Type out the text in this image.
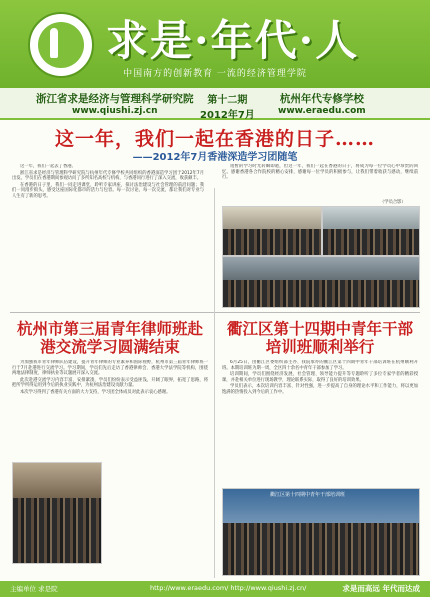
求是·年代·人
中国南方的创新教育 一流的经济管理学院
浙江省求是经济与管理科学研究院
www.qiushi.zj.cn
第十二期
2012年7月
杭州年代专修学校
www.eraedu.com
这一年，我们一起在香港的日子……
——2012年7月香港深造学习团随笔

这一年，我们一起去了香港。

浙江省求是经济与管理科学研究院与杭州年代专修学校共同组织的香港深造学习团于2012年7月出发。学员们在香港期间参观访问了多所知名高校与机构，与香港同行进行了深入交流，收获颇丰。

在香港的日子里，我们一同走进课堂，聆听专家讲座，探讨法治建设与社会管理的前沿问题；我们一同漫步街头，感受这座国际化都市的活力与包容。每一次讨论，每一次交流，都让我们对专业与人生有了新的思考。

短暂的学习时光转瞬即逝，但这一年，我们一起在香港的日子，将成为每一位学员心中珍贵的回忆。感谢香港各合作院校的精心安排，感谢每一位学员的积极参与，让我们带着收获与感动，继续前行。

（学员合影）
杭州市第三届青年律师班赴港交流学习圆满结束

为加强我市青年律师队伍建设，提升青年律师的专业素养和国际视野，杭州市第三届青年律师班一行于7月赴港进行交流学习。学习期间，学员们先后走访了香港律师会、香港大学法学院等机构，围绕两地法律制度、律师执业等议题展开深入交流。

此次赴港交流学习内容丰富、安排紧凑，学员们纷纷表示受益匪浅，开阔了眼界，拓宽了思路，将把所学所得运用到今后的执业实践中，为杭州法治建设贡献力量。

本次学习得到了香港有关方面的大力支持，学习团全体成员对此表示衷心感谢。

衢江区第十四期中青年干部培训班顺利举行

6月25日，由衢江区委组织部主办、我院承办的衢江区第十四期中青年干部培训班在杭州顺利开班。本期培训班为期一周，全区四十余名中青年干部参加了学习。

培训期间，学员们围绕经济发展、社会管理、领导能力提升等专题聆听了多位专家学者的精彩授课，并赴相关单位进行现场教学，理论联系实际，取得了良好的培训效果。

学员们表示，本次培训内容丰富、针对性强，进一步提高了自身的理论水平和工作能力，将以更加饱满的热情投入到今后的工作中。

衢江区第十四期中青年干部培训班
主编单位 求是院	http://www.eraedu.com/ http://www.qiushi.zj.cn/	求是而高远 年代而达成
